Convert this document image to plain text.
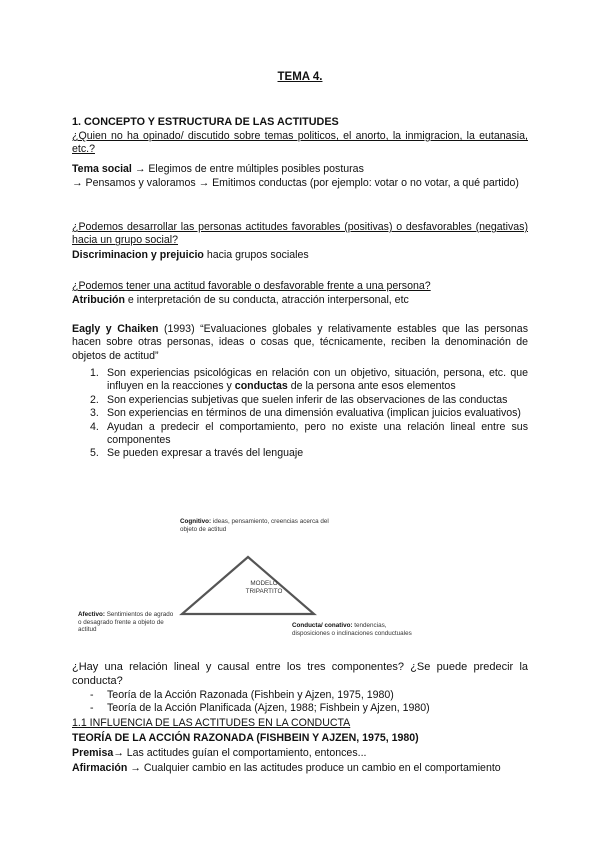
TEMA 4.
1. CONCEPTO Y ESTRUCTURA DE LAS ACTITUDES
¿Quien no ha opinado/ discutido sobre temas politicos, el anorto, la inmigracion, la eutanasia, etc.?
Tema social → Elegimos de entre múltiples posibles posturas
→ Pensamos y valoramos → Emitimos conductas (por ejemplo: votar o no votar, a qué partido)
¿Podemos desarrollar las personas actitudes favorables (positivas) o desfavorables (negativas) hacia un grupo social?
Discriminacion y prejuicio hacia grupos sociales
¿Podemos tener una actitud favorable o desfavorable frente a una persona?
Atribución e interpretación de su conducta, atracción interpersonal, etc
Eagly y Chaiken (1993) “Evaluaciones globales y relativamente estables que las personas hacen sobre otras personas, ideas o cosas que, técnicamente, reciben la denominación de objetos de actitud”
1. Son experiencias psicológicas en relación con un objetivo, situación, persona, etc. que influyen en la reacciones y conductas de la persona ante esos elementos
2. Son experiencias subjetivas que suelen inferir de las observaciones de las conductas
3. Son experiencias en términos de una dimensión evaluativa (implican juicios evaluativos)
4. Ayudan a predecir el comportamiento, pero no existe una relación lineal entre sus componentes
5. Se pueden expresar a través del lenguaje
Cognitivo: ideas, pensamiento, creencias acerca del objeto de actitud
MODELO
TRIPARTITO
Afectivo: Sentimientos de agrado o desagrado frente a objeto de actitud
Conducta/ conativo: tendencias, disposiciones o inclinaciones conductuales
¿Hay una relación lineal y causal entre los tres componentes? ¿Se puede predecir la conducta?
- Teoría de la Acción Razonada (Fishbein y Ajzen, 1975, 1980)
- Teoría de la Acción Planificada (Ajzen, 1988; Fishbein y Ajzen, 1980)
1.1 INFLUENCIA DE LAS ACTITUDES EN LA CONDUCTA
TEORÍA DE LA ACCIÓN RAZONADA (FISHBEIN Y AJZEN, 1975, 1980)
Premisa→ Las actitudes guían el comportamiento, entonces...
Afirmación → Cualquier cambio en las actitudes produce un cambio en el comportamiento
